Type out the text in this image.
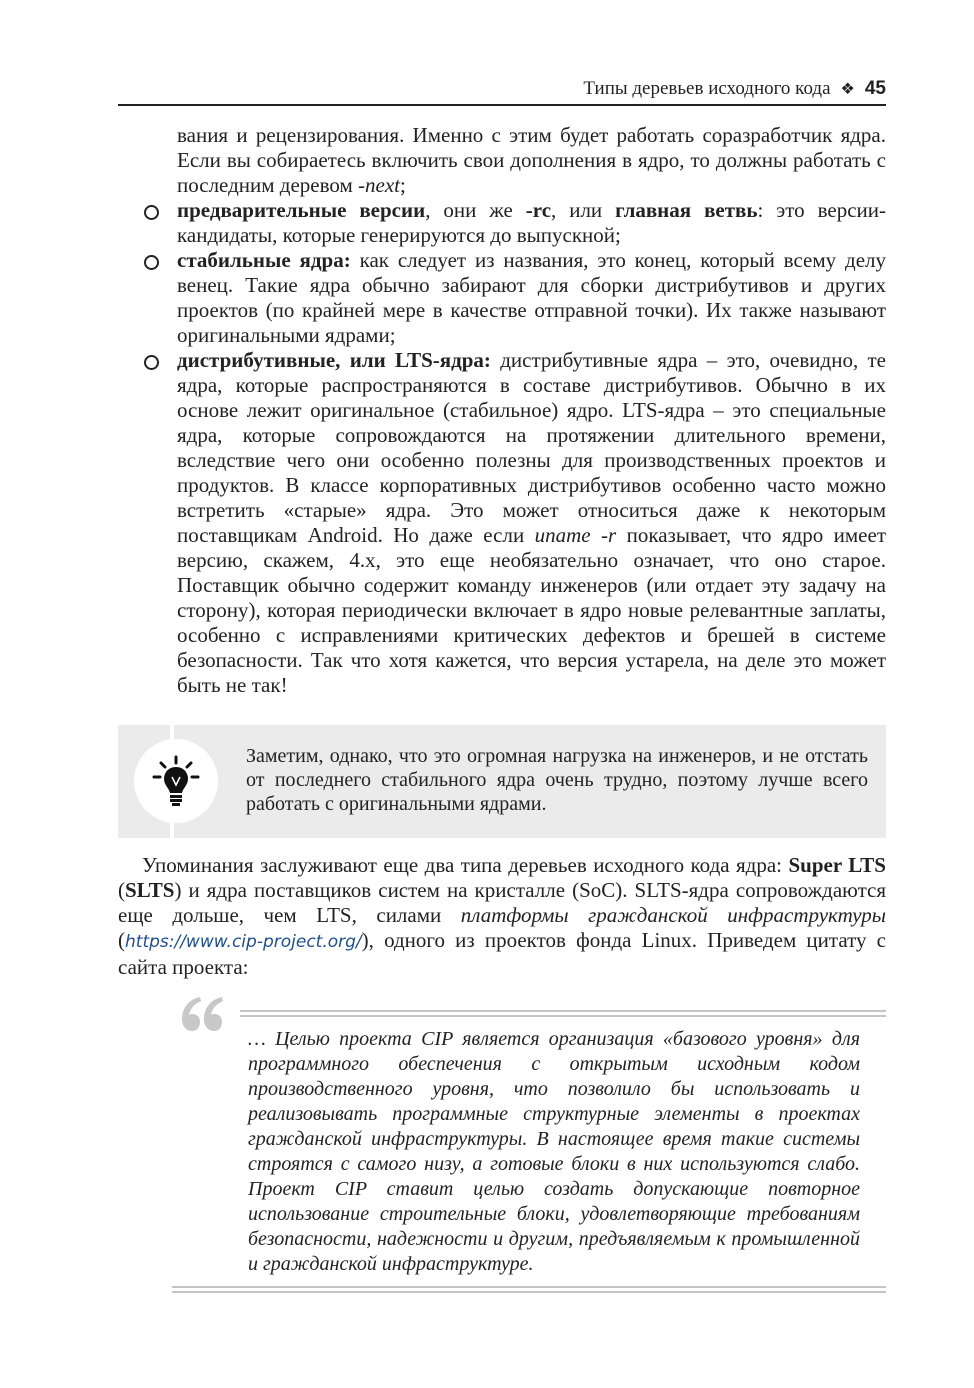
Типы деревьев исходного кода ❖ 45
вания и рецензирования. Именно с этим будет работать соразработчик ядра. Если вы собираетесь включить свои дополнения в ядро, то должны работать с последним деревом -next;
предварительные версии, они же -rc, или главная ветвь: это версии-кандидаты, которые генерируются до выпускной;
стабильные ядра: как следует из названия, это конец, который всему делу венец. Такие ядра обычно забирают для сборки дистрибутивов и других проектов (по крайней мере в качестве отправной точки). Их также называют оригинальными ядрами;
дистрибутивные, или LTS-ядра: дистрибутивные ядра – это, очевидно, те ядра, которые распространяются в составе дистрибутивов. Обычно в их основе лежит оригинальное (стабильное) ядро. LTS-ядра – это специальные ядра, которые сопровождаются на протяжении длительного времени, вследствие чего они особенно полезны для производственных проектов и продуктов. В классе корпоративных дистрибутивов особенно часто можно встретить «старые» ядра. Это может относиться даже к некоторым поставщикам Android. Но даже если uname -r показывает, что ядро имеет версию, скажем, 4.x, это еще необязательно означает, что оно старое. Поставщик обычно содержит команду инженеров (или отдает эту задачу на сторону), которая периодически включает в ядро новые релевантные заплаты, особенно с исправлениями критических дефектов и брешей в системе безопасности. Так что хотя кажется, что версия устарела, на деле это может быть не так!
Заметим, однако, что это огромная нагрузка на инженеров, и не отстать от последнего стабильного ядра очень трудно, поэтому лучше всего работать с оригинальными ядрами.
Упоминания заслуживают еще два типа деревьев исходного кода ядра: Super LTS (SLTS) и ядра поставщиков систем на кристалле (SoC). SLTS-ядра сопровождаются еще дольше, чем LTS, силами платформы гражданской инфраструктуры (https://www.cip-project.org/), одного из проектов фонда Linux. Приведем цитату с сайта проекта:
… Целью проекта CIP является организация «базового уровня» для программного обеспечения с открытым исходным кодом производственного уровня, что позволило бы использовать и реализовывать программные структурные элементы в проектах гражданской инфраструктуры. В настоящее время такие системы строятся с самого низу, а готовые блоки в них используются слабо. Проект CIP ставит целью создать допускающие повторное использование строительные блоки, удовлетворяющие требованиям безопасности, надежности и другим, предъявляемым к промышленной и гражданской инфраструктуре.
